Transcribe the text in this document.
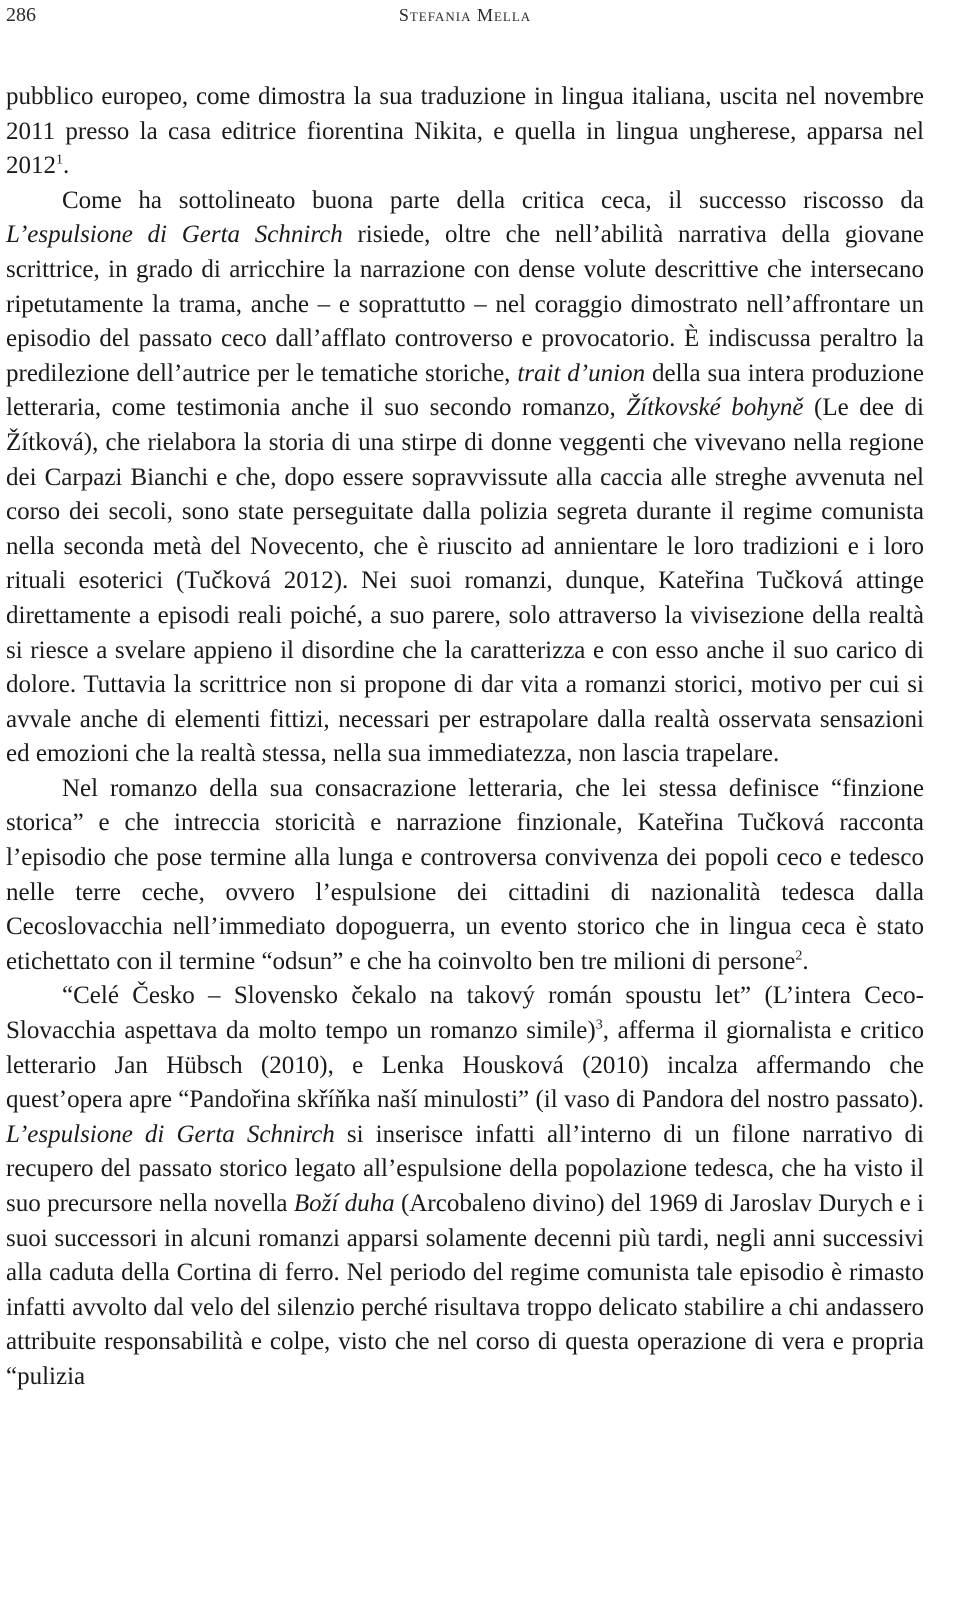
286	Stefania Mella

pubblico europeo, come dimostra la sua traduzione in lingua italiana, uscita nel novembre 2011 presso la casa editrice fiorentina Nikita, e quella in lingua ungherese, apparsa nel 2012$^1$.

Come ha sottolineato buona parte della critica ceca, il successo riscosso da L’espulsione di Gerta Schnirch risiede, oltre che nell’abilità narrativa della giovane scrittrice, in grado di arricchire la narrazione con dense volute descrittive che intersecano ripetutamente la trama, anche – e soprattutto – nel coraggio dimostrato nell’affrontare un episodio del passato ceco dall’afflato controverso e provocatorio. È indiscussa peraltro la predilezione dell’autrice per le tematiche storiche, trait d’union della sua intera produzione letteraria, come testimonia anche il suo secondo romanzo, Žítkovské bohyně (Le dee di Žítková), che rielabora la storia di una stirpe di donne veggenti che vivevano nella regione dei Carpazi Bianchi e che, dopo essere sopravvissute alla caccia alle streghe avvenuta nel corso dei secoli, sono state perseguitate dalla polizia segreta durante il regime comunista nella seconda metà del Novecento, che è riuscito ad annientare le loro tradizioni e i loro rituali esoterici (Tučková 2012). Nei suoi romanzi, dunque, Kateřina Tučková attinge direttamente a episodi reali poiché, a suo parere, solo attraverso la vivisezione della realtà si riesce a svelare appieno il disordine che la caratterizza e con esso anche il suo carico di dolore. Tuttavia la scrittrice non si propone di dar vita a romanzi storici, motivo per cui si avvale anche di elementi fittizi, necessari per estrapolare dalla realtà osservata sensazioni ed emozioni che la realtà stessa, nella sua immediatezza, non lascia trapelare.

Nel romanzo della sua consacrazione letteraria, che lei stessa definisce “finzione storica” e che intreccia storicità e narrazione finzionale, Kateřina Tučková racconta l’episodio che pose termine alla lunga e controversa convivenza dei popoli ceco e tedesco nelle terre ceche, ovvero l’espulsione dei cittadini di nazionalità tedesca dalla Cecoslovacchia nell’immediato dopoguerra, un evento storico che in lingua ceca è stato etichettato con il termine “odsun” e che ha coinvolto ben tre milioni di persone$^2$.

“Celé Česko – Slovensko čekalo na takový román spoustu let” (L’intera Ceco-Slovacchia aspettava da molto tempo un romanzo simile)$^3$, afferma il giornalista e critico letterario Jan Hübsch (2010), e Lenka Housková (2010) incalza affermando che quest’opera apre “Pandořina skříňka naší minulosti” (il vaso di Pandora del nostro passato). L’espulsione di Gerta Schnirch si inserisce infatti all’interno di un filone narrativo di recupero del passato storico legato all’espulsione della popolazione tedesca, che ha visto il suo precursore nella novella Boží duha (Arcobaleno divino) del 1969 di Jaroslav Durych e i suoi successori in alcuni romanzi apparsi solamente decenni più tardi, negli anni successivi alla caduta della Cortina di ferro. Nel periodo del regime comunista tale episodio è rimasto infatti avvolto dal velo del silenzio perché risultava troppo delicato stabilire a chi andassero attribuite responsabilità e colpe, visto che nel corso di questa operazione di vera e propria “pulizia
